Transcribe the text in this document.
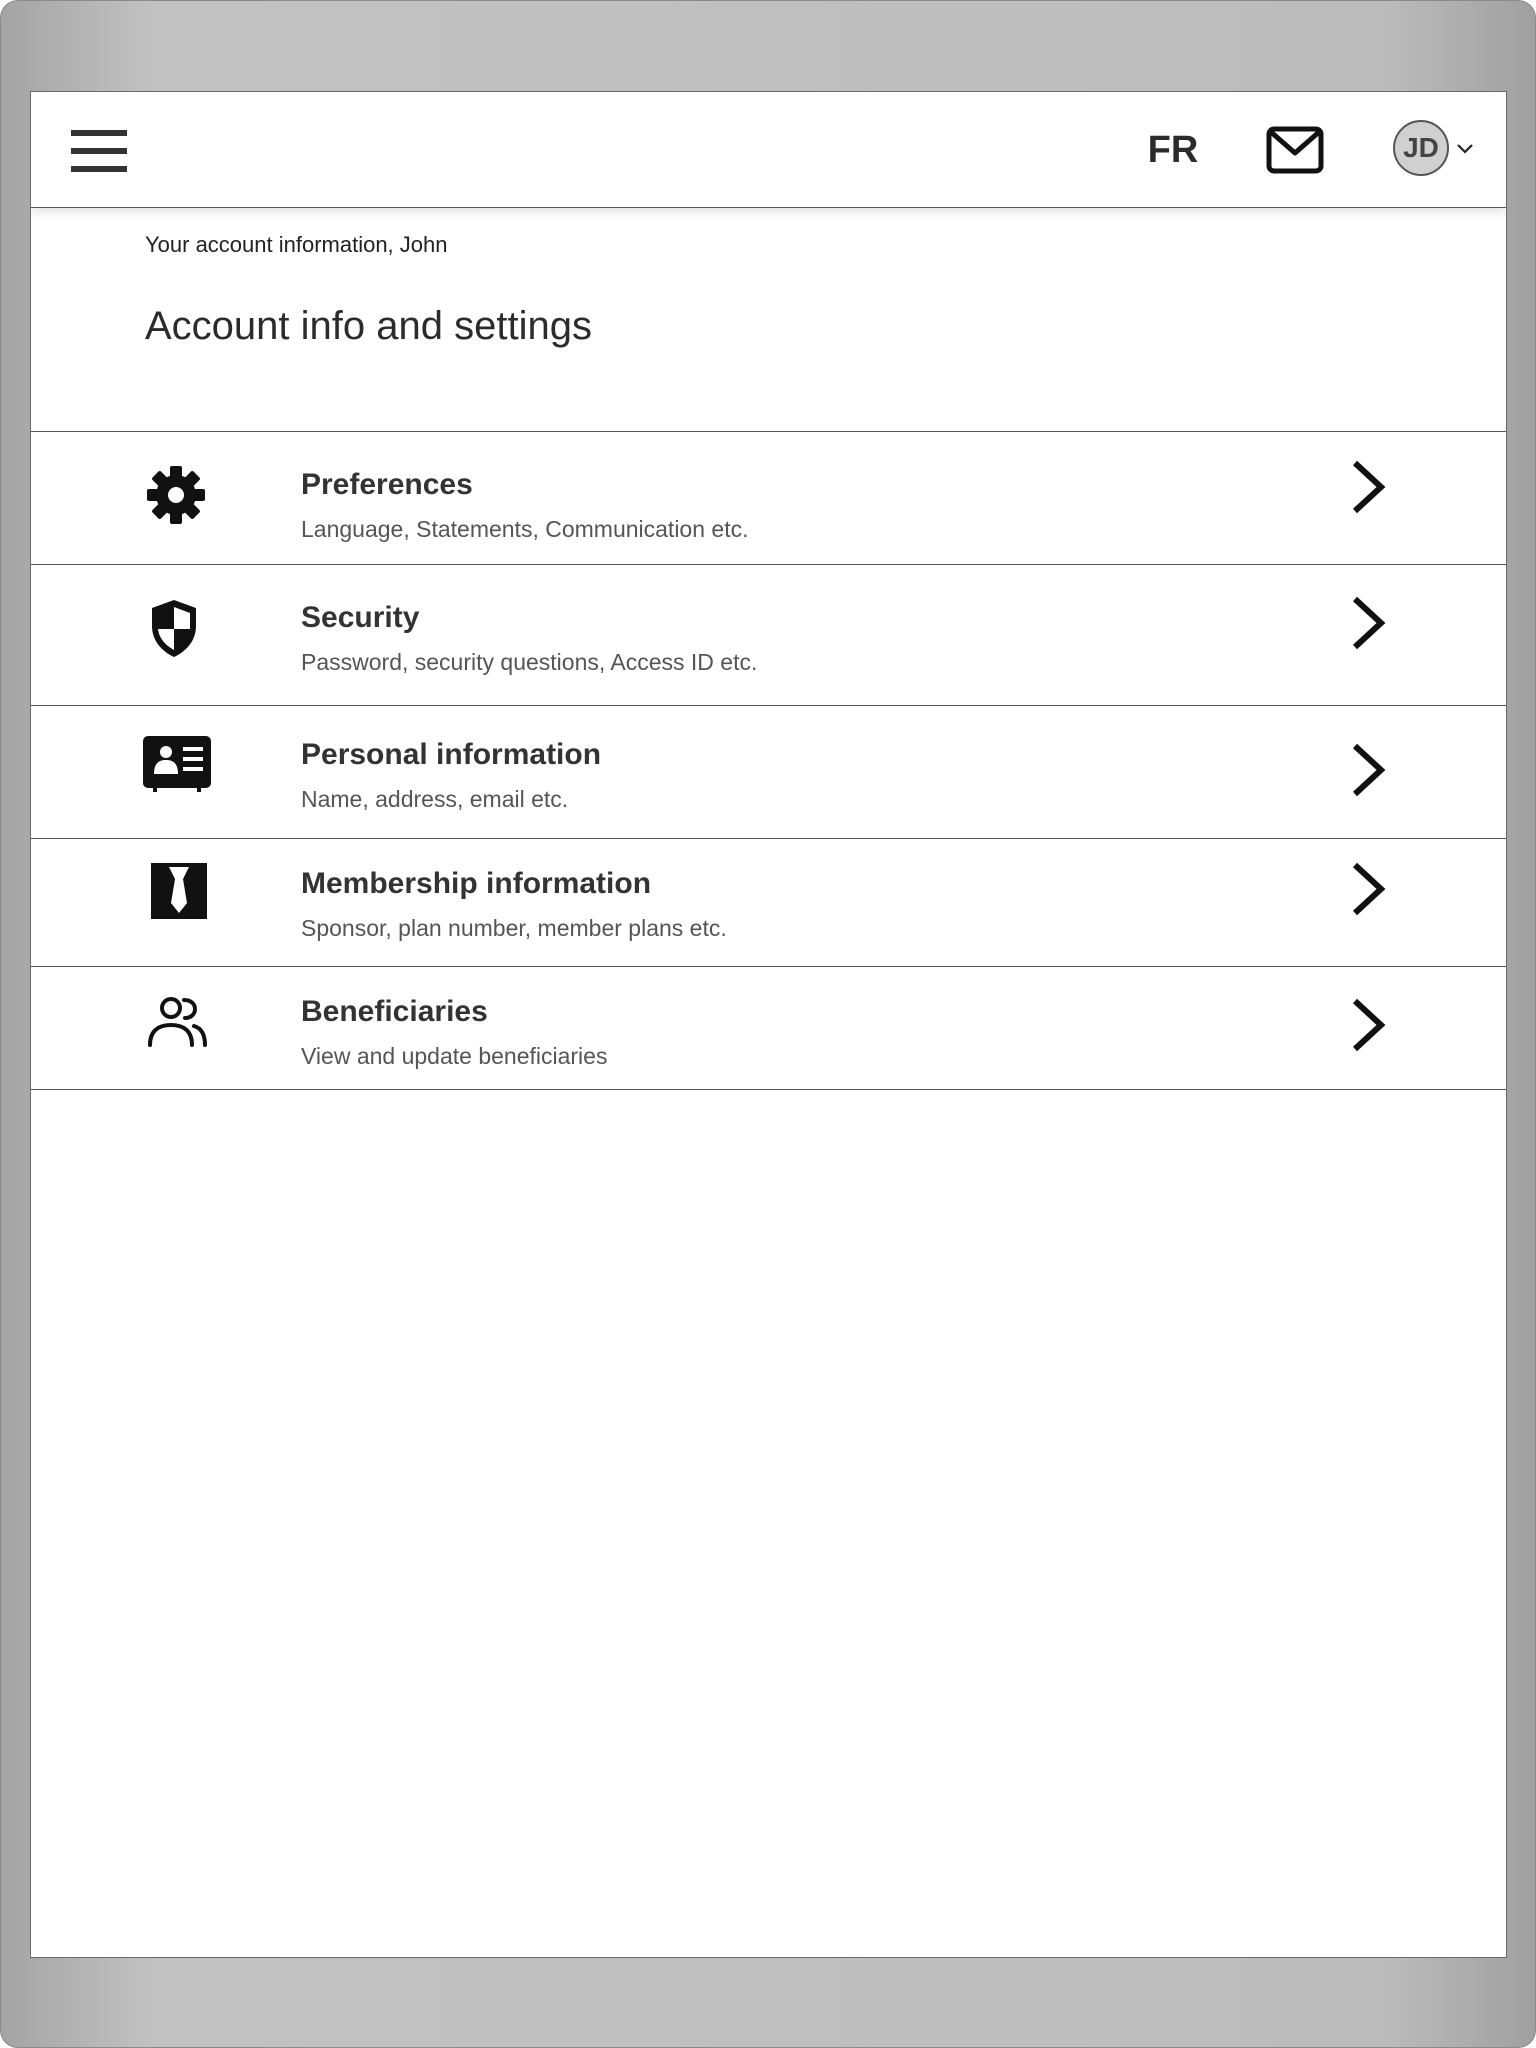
FR	JD
Your account information, John
Account info and settings
Preferences
Language, Statements, Communication etc.
Security
Password, security questions, Access ID etc.
Personal information
Name, address, email etc.
Membership information
Sponsor, plan number, member plans etc.
Beneficiaries
View and update beneficiaries
